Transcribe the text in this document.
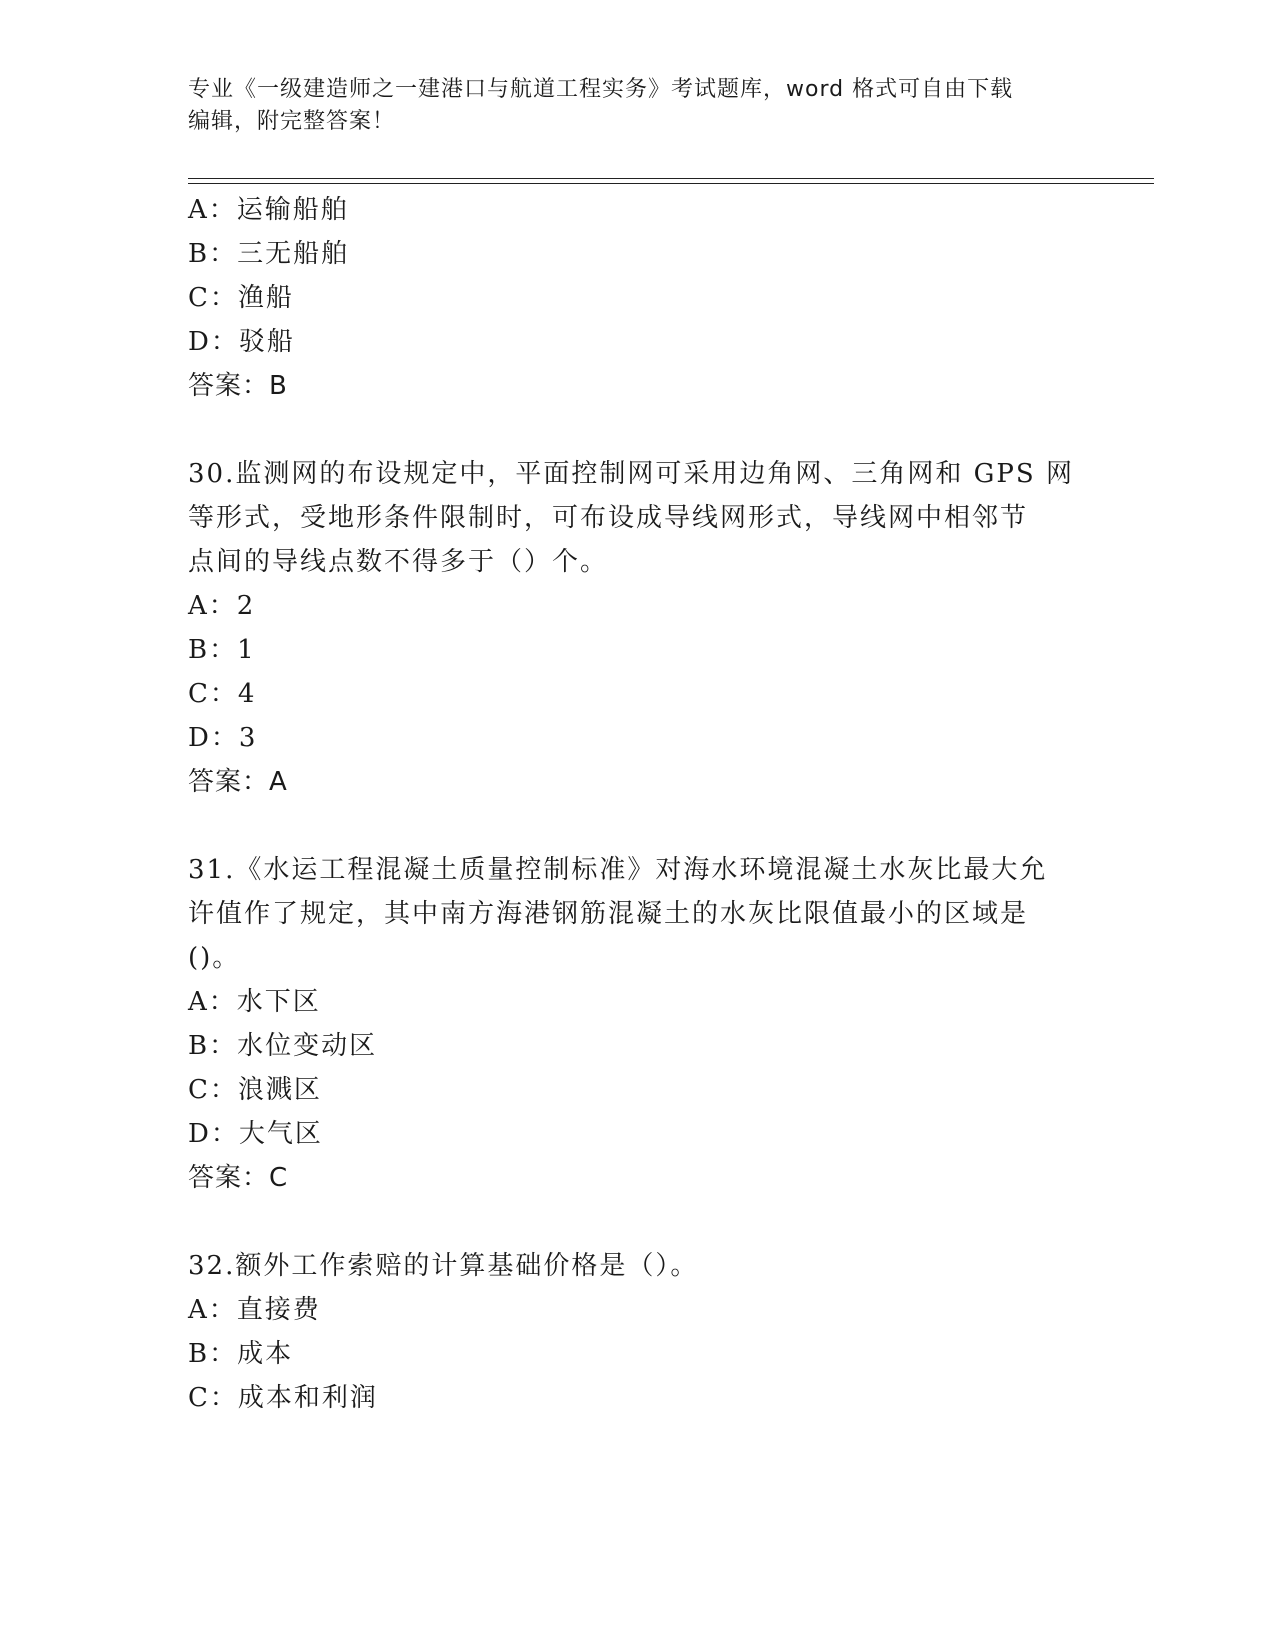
专业《一级建造师之一建港口与航道工程实务》考试题库，word 格式可自由下载
编辑，附完整答案！
A：运输船舶
B：三无船舶
C：渔船
D：驳船
答案：B
30.监测网的布设规定中，平面控制网可采用边角网、三角网和 GPS 网
等形式，受地形条件限制时，可布设成导线网形式，导线网中相邻节
点间的导线点数不得多于（）个。
A：2
B：1
C：4
D：3
答案：A
31.《水运工程混凝土质量控制标准》对海水环境混凝土水灰比最大允
许值作了规定，其中南方海港钢筋混凝土的水灰比限值最小的区域是
()。
A：水下区
B：水位变动区
C：浪溅区
D：大气区
答案：C
32.额外工作索赔的计算基础价格是（）。
A：直接费
B：成本
C：成本和利润
